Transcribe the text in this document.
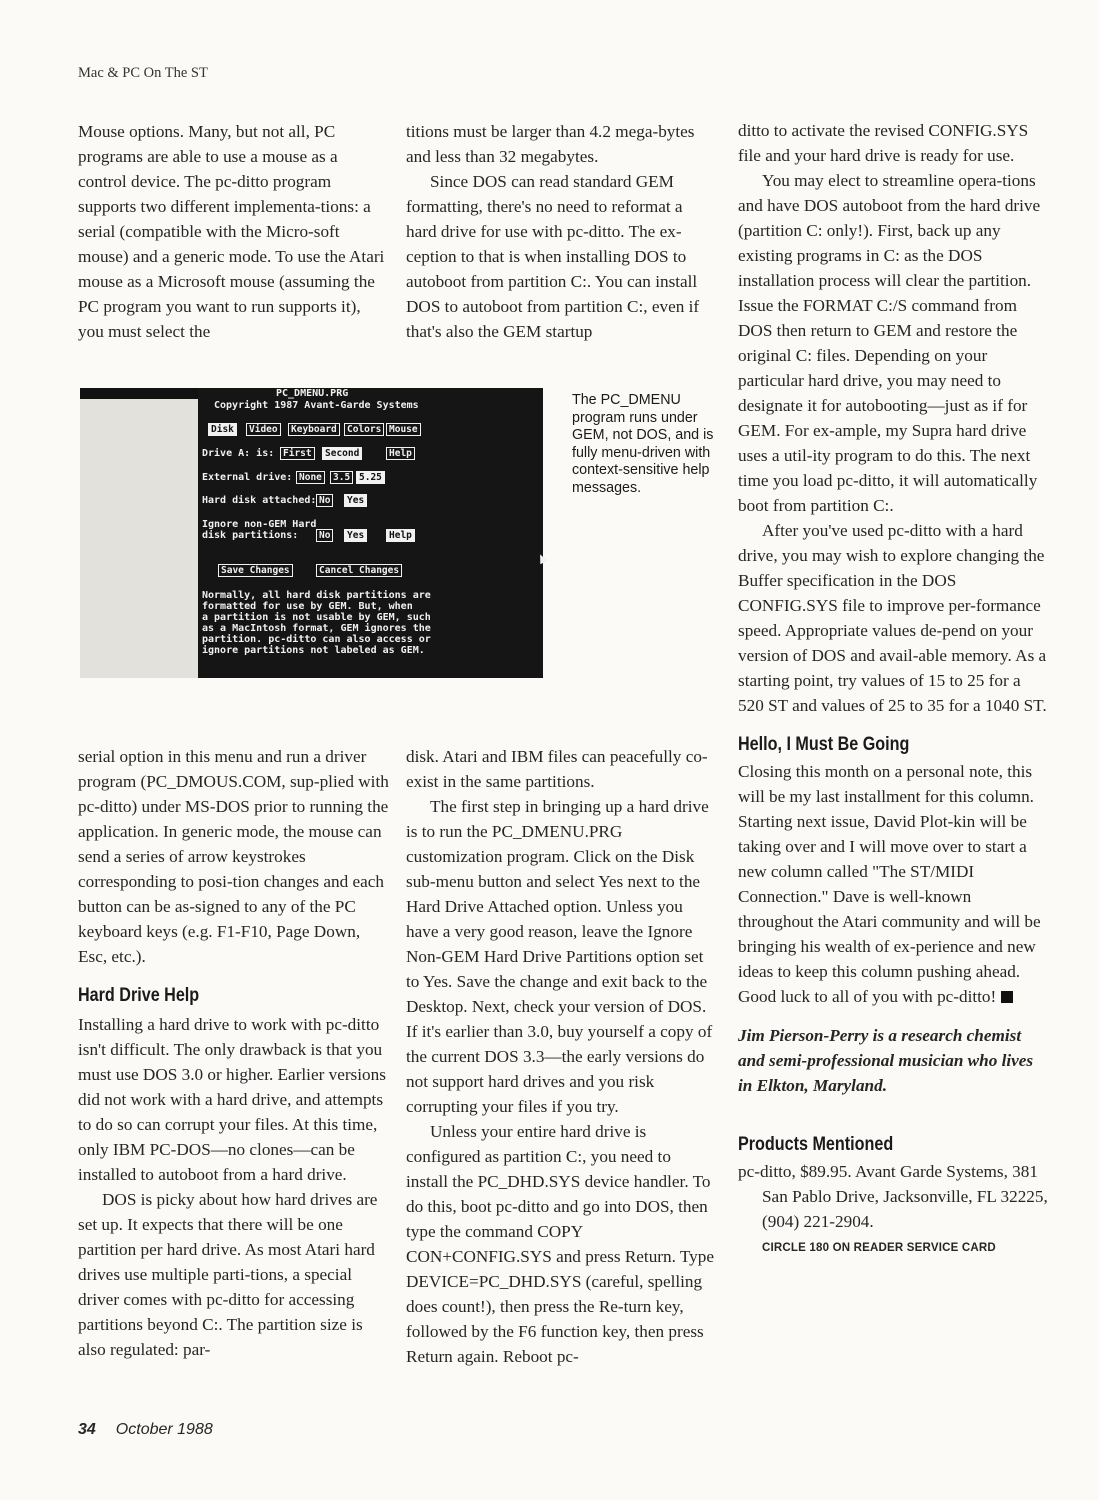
Mac & PC On The ST

Mouse options. Many, but not all, PC programs are able to use a mouse as a control device. The pc-ditto program supports two different implementa-tions: a serial (compatible with the Micro-soft mouse) and a generic mode. To use the Atari mouse as a Microsoft mouse (assuming the PC program you want to run supports it), you must select the

titions must be larger than 4.2 mega-bytes and less than 32 megabytes.

Since DOS can read standard GEM formatting, there's no need to reformat a hard drive for use with pc-ditto. The ex-ception to that is when installing DOS to autoboot from partition C:. You can install DOS to autoboot from partition C:, even if that's also the GEM startup

PC_DMENU.PRG
Copyright 1987 Avant-Garde Systems
Disk	Video	Keyboard	Colors Mouse
Drive A: is: First	Second	Help
External drive: None	3.5 5.25
Hard disk attached: No	Yes
Ignore non-GEM Hard
disk partitions:	No	Yes	Help
Save Changes	Cancel Changes
Normally, all hard disk partitions are
formatted for use by GEM. But, when
a partition is not usable by GEM, such
as a MacIntosh format, GEM ignores the
partition. pc-ditto can also access or
ignore partitions not labeled as GEM.
The PC_DMENU program runs under GEM, not DOS, and is fully menu-driven with context-sensitive help messages.

serial option in this menu and run a driver program (PC_DMOUS.COM, sup-plied with pc-ditto) under MS-DOS prior to running the application. In generic mode, the mouse can send a series of arrow keystrokes corresponding to posi-tion changes and each button can be as-signed to any of the PC keyboard keys (e.g. F1-F10, Page Down, Esc, etc.).

Hard Drive Help

Installing a hard drive to work with pc-ditto isn't difficult. The only drawback is that you must use DOS 3.0 or higher. Earlier versions did not work with a hard drive, and attempts to do so can corrupt your files. At this time, only IBM PC-DOS—no clones—can be installed to autoboot from a hard drive.

DOS is picky about how hard drives are set up. It expects that there will be one partition per hard drive. As most Atari hard drives use multiple parti-tions, a special driver comes with pc-ditto for accessing partitions beyond C:. The partition size is also regulated: par-

disk. Atari and IBM files can peacefully co-exist in the same partitions.

The first step in bringing up a hard drive is to run the PC_DMENU.PRG customization program. Click on the Disk sub-menu button and select Yes next to the Hard Drive Attached option. Unless you have a very good reason, leave the Ignore Non-GEM Hard Drive Partitions option set to Yes. Save the change and exit back to the Desktop. Next, check your version of DOS. If it's earlier than 3.0, buy yourself a copy of the current DOS 3.3—the early versions do not support hard drives and you risk corrupting your files if you try.

Unless your entire hard drive is configured as partition C:, you need to install the PC_DHD.SYS device handler. To do this, boot pc-ditto and go into DOS, then type the command COPY CON+CONFIG.SYS and press Return. Type DEVICE=PC_DHD.SYS (careful, spelling does count!), then press the Re-turn key, followed by the F6 function key, then press Return again. Reboot pc-

ditto to activate the revised CONFIG.SYS file and your hard drive is ready for use.

You may elect to streamline opera-tions and have DOS autoboot from the hard drive (partition C: only!). First, back up any existing programs in C: as the DOS installation process will clear the partition. Issue the FORMAT C:/S command from DOS then return to GEM and restore the original C: files. Depending on your particular hard drive, you may need to designate it for autobooting—just as if for GEM. For ex-ample, my Supra hard drive uses a util-ity program to do this. The next time you load pc-ditto, it will automatically boot from partition C:.

After you've used pc-ditto with a hard drive, you may wish to explore changing the Buffer specification in the DOS CONFIG.SYS file to improve per-formance speed. Appropriate values de-pend on your version of DOS and avail-able memory. As a starting point, try values of 15 to 25 for a 520 ST and values of 25 to 35 for a 1040 ST.

Hello, I Must Be Going

Closing this month on a personal note, this will be my last installment for this column. Starting next issue, David Plot-kin will be taking over and I will move over to start a new column called "The ST/MIDI Connection." Dave is well-known throughout the Atari community and will be bringing his wealth of ex-perience and new ideas to keep this column pushing ahead. Good luck to all of you with pc-ditto!

Jim Pierson-Perry is a research chemist and semi-professional musician who lives in Elkton, Maryland.

Products Mentioned

pc-ditto, $89.95. Avant Garde Systems, 381 San Pablo Drive, Jacksonville, FL 32225, (904) 221-2904.

CIRCLE 180 ON READER SERVICE CARD

34 October 1988
